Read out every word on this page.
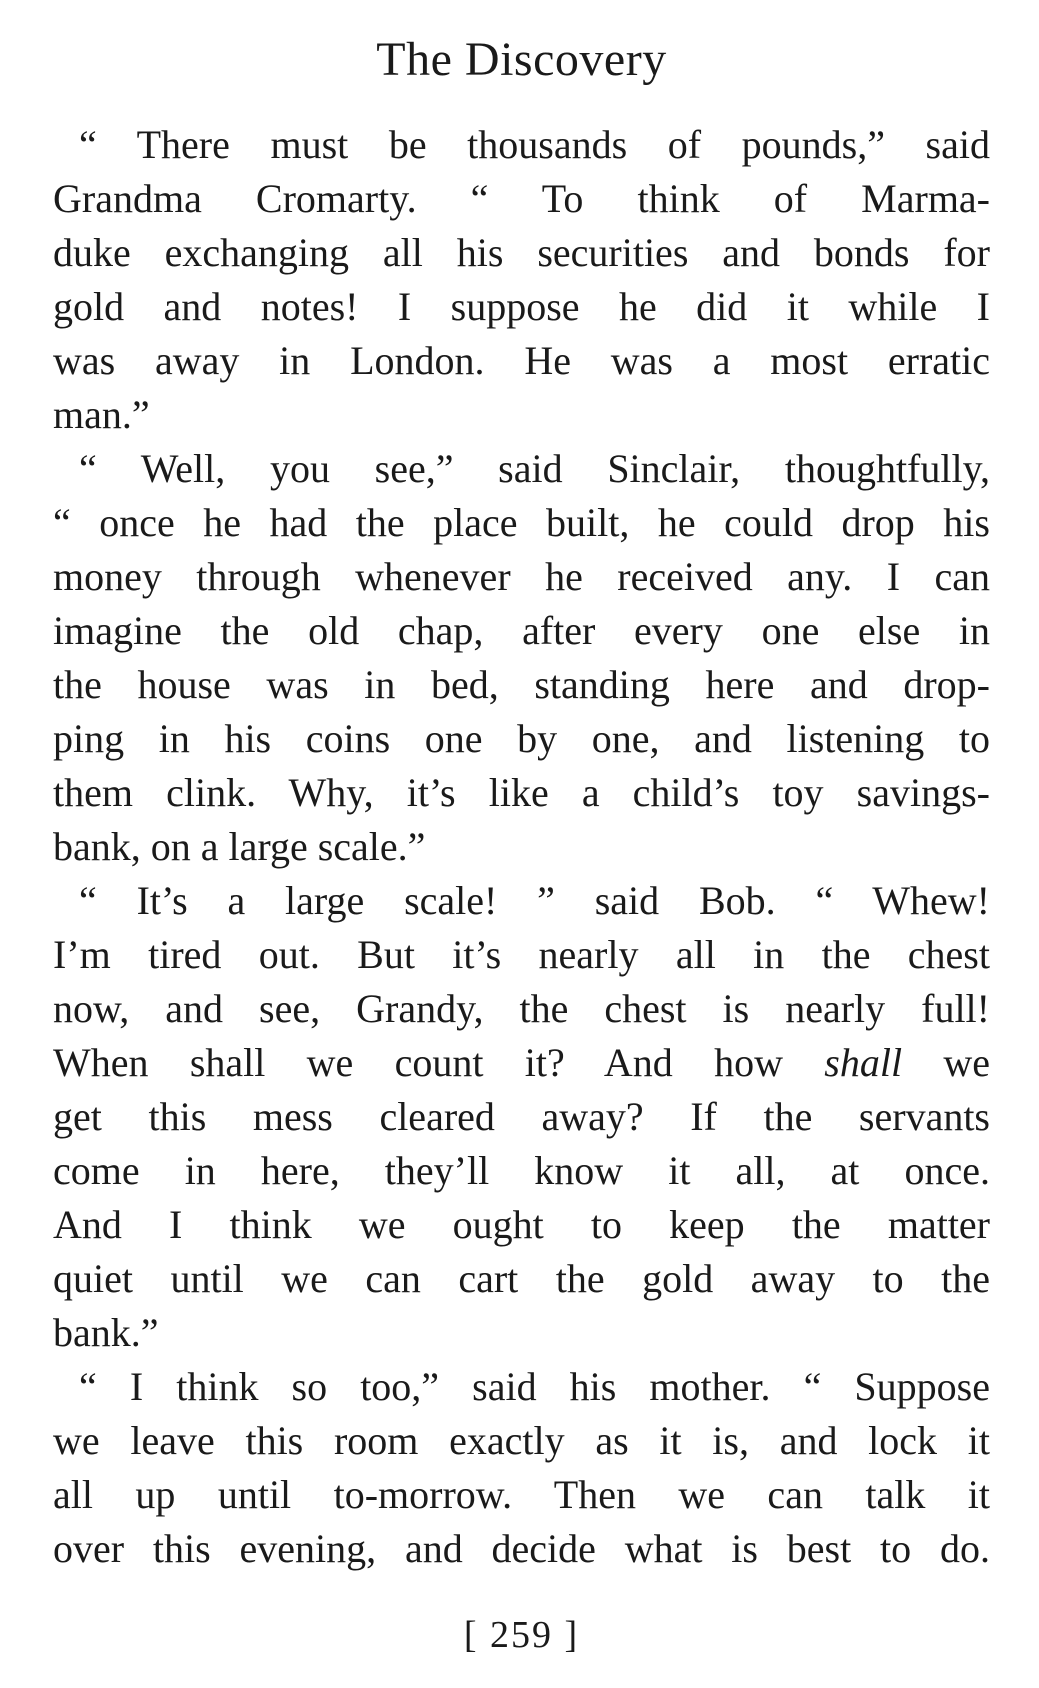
The Discovery

“ There must be thousands of pounds,” said
Grandma Cromarty. “ To think of Marma-
duke exchanging all his securities and bonds for
gold and notes! I suppose he did it while I
was away in London. He was a most erratic
man.”

“ Well, you see,” said Sinclair, thoughtfully,
“ once he had the place built, he could drop his
money through whenever he received any. I can
imagine the old chap, after every one else in
the house was in bed, standing here and drop-
ping in his coins one by one, and listening to
them clink. Why, it’s like a child’s toy savings-
bank, on a large scale.”

“ It’s a large scale! ” said Bob. “ Whew!
I’m tired out. But it’s nearly all in the chest
now, and see, Grandy, the chest is nearly full!
When shall we count it? And how shall we
get this mess cleared away? If the servants
come in here, they’ll know it all, at once.
And I think we ought to keep the matter
quiet until we can cart the gold away to the
bank.”

“ I think so too,” said his mother. “ Suppose
we leave this room exactly as it is, and lock it
all up until to-morrow. Then we can talk it
over this evening, and decide what is best to do.

[ 259 ]
